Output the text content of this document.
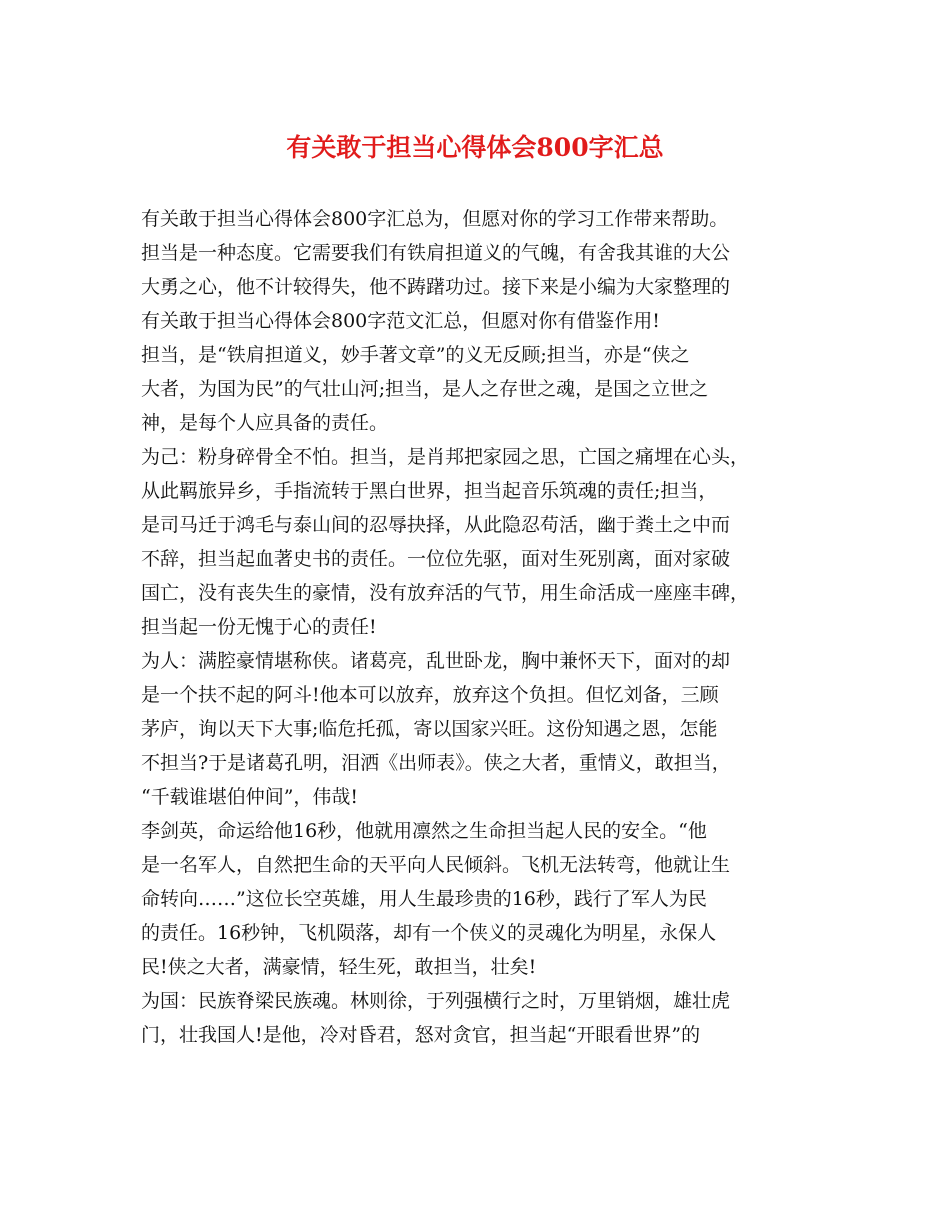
有关敢于担当心得体会800字汇总
有关敢于担当心得体会800字汇总为，但愿对你的学习工作带来帮助。
担当是一种态度。它需要我们有铁肩担道义的气魄，有舍我其谁的大公
大勇之心，他不计较得失，他不踌躇功过。接下来是小编为大家整理的
有关敢于担当心得体会800字范文汇总，但愿对你有借鉴作用!
担当，是“铁肩担道义，妙手著文章”的义无反顾;担当，亦是“侠之
大者，为国为民”的气壮山河;担当，是人之存世之魂，是国之立世之
神，是每个人应具备的责任。
为己：粉身碎骨全不怕。担当，是肖邦把家园之思，亡国之痛埋在心头，
从此羁旅异乡，手指流转于黑白世界，担当起音乐筑魂的责任;担当，
是司马迁于鸿毛与泰山间的忍辱抉择，从此隐忍苟活，幽于粪土之中而
不辞，担当起血著史书的责任。一位位先驱，面对生死别离，面对家破
国亡，没有丧失生的豪情，没有放弃活的气节，用生命活成一座座丰碑，
担当起一份无愧于心的责任!
为人：满腔豪情堪称侠。诸葛亮，乱世卧龙，胸中兼怀天下，面对的却
是一个扶不起的阿斗!他本可以放弃，放弃这个负担。但忆刘备，三顾
茅庐，询以天下大事;临危托孤，寄以国家兴旺。这份知遇之恩，怎能
不担当?于是诸葛孔明，泪洒《出师表》。侠之大者，重情义，敢担当，
“千载谁堪伯仲间”，伟哉!
李剑英，命运给他16秒，他就用凛然之生命担当起人民的安全。“他
是一名军人，自然把生命的天平向人民倾斜。飞机无法转弯，他就让生
命转向……”这位长空英雄，用人生最珍贵的16秒，践行了军人为民
的责任。16秒钟，飞机陨落，却有一个侠义的灵魂化为明星，永保人
民!侠之大者，满豪情，轻生死，敢担当，壮矣!
为国：民族脊梁民族魂。林则徐，于列强横行之时，万里销烟，雄壮虎
门，壮我国人!是他，冷对昏君，怒对贪官，担当起“开眼看世界”的
